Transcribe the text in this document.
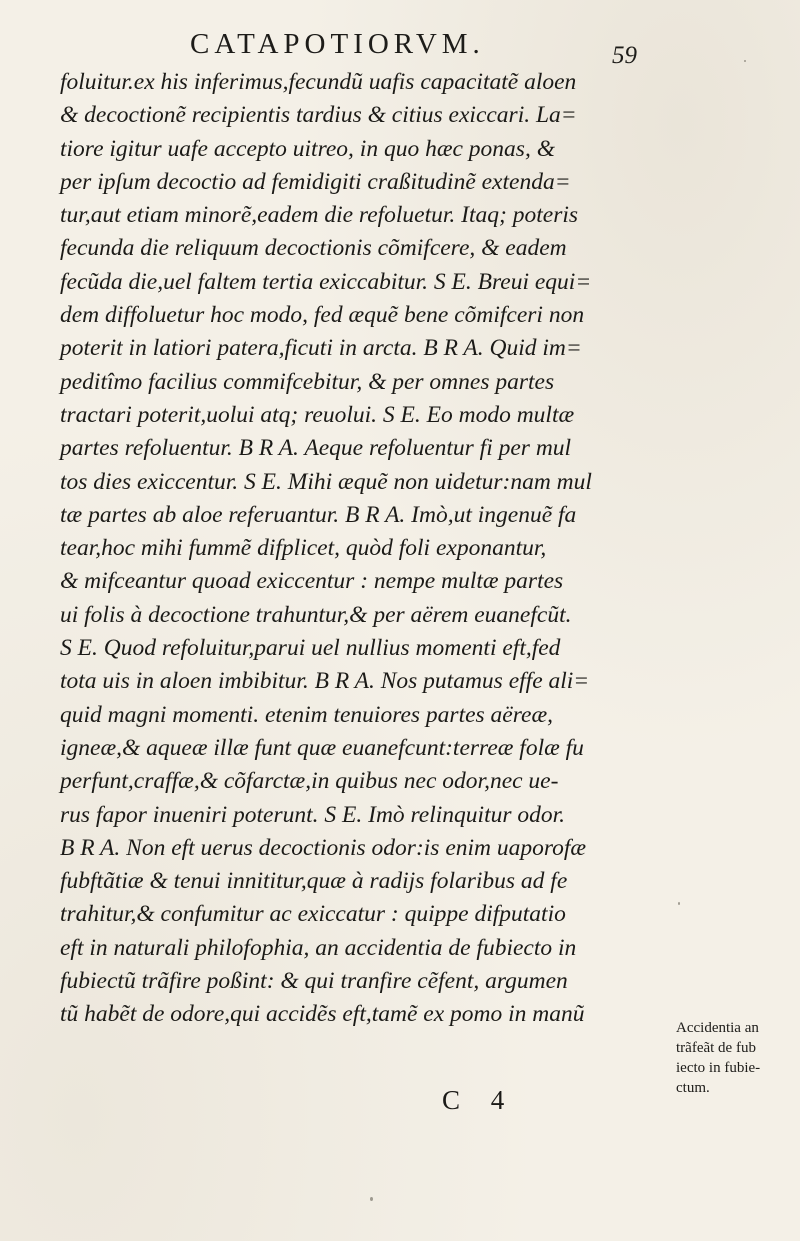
CATAPOTIORVM.	59
foluitur.ex his inferimus,fecundũ uafis capacitatẽ aloen
& decoctionẽ recipientis tardius & citius exiccari. La=
tiore igitur uafe accepto uitreo, in quo hæc ponas, &
per ipſum decoctio ad femidigiti craßitudinẽ extenda=
tur,aut etiam minorẽ,eadem die refoluetur. Itaq; poteris
fecunda die reliquum decoctionis cõmifcere, & eadem
fecũda die,uel faltem tertia exiccabitur. S E. Breui equi=
dem diffoluetur hoc modo, fed æquẽ bene cõmifceri non
poterit in latiori patera,ficuti in arcta. B R A. Quid im=
peditîmo facilius commifcebitur, & per omnes partes
tractari poterit,uolui atq; reuolui. S E. Eo modo multæ
partes refoluentur. B R A. Aeque refoluentur fi per mul
tos dies exiccentur. S E. Mihi æquẽ non uidetur:nam mul
tæ partes ab aloe referuantur. B R A. Imò,ut ingenuẽ fa
tear,hoc mihi fummẽ difplicet, quòd foli exponantur,
& mifceantur quoad exiccentur : nempe multæ partes
ui folis à decoctione trahuntur,& per aërem euanefcũt.
S E. Quod refoluitur,parui uel nullius momenti eft,fed
tota uis in aloen imbibitur. B R A. Nos putamus effe ali=
quid magni momenti. etenim tenuiores partes aëreæ,
igneæ,& aqueæ illæ funt quæ euanefcunt:terreæ folæ fu
perfunt,craffæ,& cõfarctæ,in quibus nec odor,nec ue-
rus fapor inueniri poterunt. S E. Imò relinquitur odor.
B R A. Non eft uerus decoctionis odor:is enim uaporofæ
fubftãtiæ & tenui innititur,quæ à radijs folaribus ad fe
trahitur,& confumitur ac exiccatur : quippe difputatio
eft in naturali philofophia, an accidentia de fubiecto in
fubiectũ trãfire poßint: & qui tranfire cẽfent, argumen
tũ habẽt de odore,qui accidẽs eft,tamẽ ex pomo in manũ
Accidentia an
trãfeãt de fub
iecto in fubie-
ctum.
C 4
